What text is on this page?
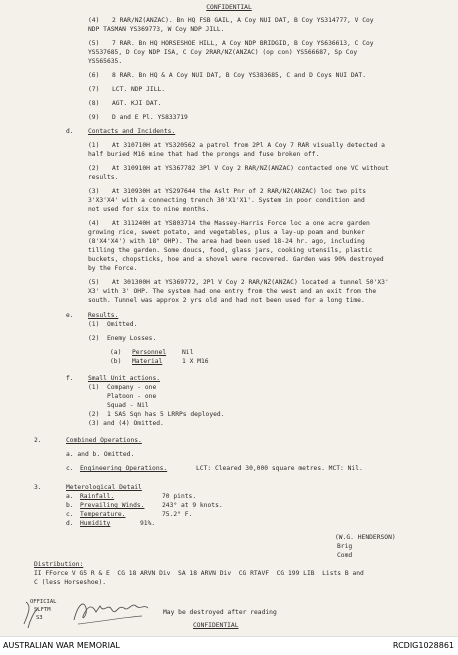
CONFIDENTIAL
(4) 2 RAR/NZ(ANZAC). Bn HQ FSB GAIL, A Coy NUI DAT, B Coy YS314777, V Coy
NDP TASMAN YS369773, W Coy NDP JILL.
(5) 7 RAR. Bn HQ HORSESHOE HILL, A Coy NDP BRIDGID, B Coy YS636613, C Coy
YS537685, D Coy NDP ISA, C Coy 2RAR/NZ(ANZAC) (op con) YS566687, Sp Coy
YS565635.
(6) 8 RAR. Bn HQ & A Coy NUI DAT, B Coy YS383685, C and D Coys NUI DAT.
(7) LCT. NDP JILL.
(8) AGT. KJI DAT.
(9) D and E Pl. YS833719
d. Contacts and Incidents.
(1) At 310710H at YS320562 a patrol from 2Pl A Coy 7 RAR visually detected a
half buried M16 mine that had the prongs and fuse broken off.
(2) At 310910H at YS367782 3Pl V Coy 2 RAR/NZ(ANZAC) contacted one VC without
results.
(3) At 310930H at YS297644 the Aslt Pnr of 2 RAR/NZ(ANZAC) loc two pits
3'X3'X4' with a connecting trench 30'X1'X1'. System in poor condition and
not used for six to nine months.
(4) At 311240H at YS803714 the Massey-Harris Force loc a one acre garden
growing rice, sweet potato, and vegetables, plus a lay-up poam and bunker
(8'X4'X4') with 18" OHP). The area had been used 18-24 hr. ago, including
tilling the garden. Some doucs, food, glass jars, cooking utensils, plastic
buckets, chopsticks, hoe and a shovel were recovered. Garden was 90% destroyed
by the Force.
(5) At 301300H at YS369772, 2Pl V Coy 2 RAR/NZ(ANZAC) located a tunnel 50'X3'
X3' with 3' OHP. The system had one entry from the west and an exit from the
south. Tunnel was approx 2 yrs old and had not been used for a long time.
e. Results.
(1)  Omitted.
(2)  Enemy Losses.
(a) Personnel	Nil
(b) Material	1 X M16
f. Small Unit actions.
(1)  Company - one
Platoon - one
Squad - Nil
(2)  1 SAS Sqn has 5 LRRPs deployed.
(3) and (4) Omitted.
2.	Combined Operations.
a. and b. Omitted.
c. Engineering Operations.	LCT: Cleared 30,000 square metres. MCT: Nil.
3.	Meterological Detail
a. Rainfall.	70 pints.
b. Prevailing Winds.	243° at 9 knots.
c. Temperature.	75.2° F.
d. Humidity	91%.
(W.G. HENDERSON)
Brig
Comd
Distribution:
II FForce V G5 R & E  CG 18 ARVN Div  SA 18 ARVN Div  CG RTAVF  CG 199 LIB  Lists B and
C (less Horseshoe).
OFFICIAL
SLFTM
S3
May be destroyed after reading
CONFIDENTIAL
AUSTRALIAN WAR MEMORIAL	RCDIG1028861
